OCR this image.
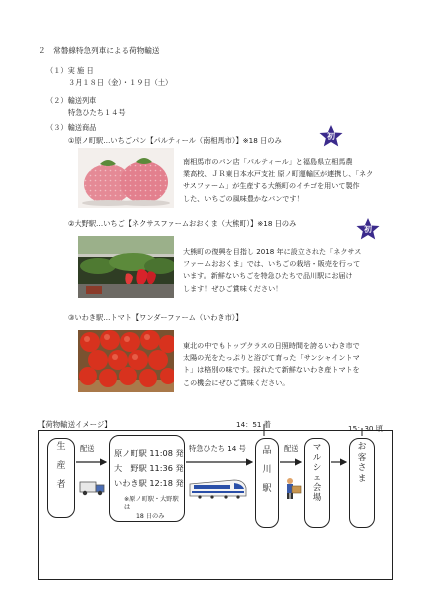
２　常磐線特急列車による荷物輸送
（１）実 施 日
３月１８日（金）・１９日（土）
（２）輸送列車
特急ひたち１４号
（３）輸送商品
①原ノ町駅…いちごパン【パルティール（南相馬市）】※18 日のみ	初
南相馬市のパン店「パルティール」と福島県立相馬農
業高校、ＪＲ東日本水戸支社 原ノ町運輸区が連携し、「ネク
サスファーム」が生産する大熊町のイチゴを用いて製作
した、いちごの風味豊かなパンです！
②大野駅…いちご【ネクサスファームおおくま（大熊町）】※18 日のみ
初
大熊町の復興を目指し 2018 年に設立された「ネクサス
ファームおおくま」では、いちごの栽培・販売を行って
います。新鮮ないちごを特急ひたちで品川駅にお届け
します！ぜひご賞味ください！
③いわき駅…トマト【ワンダーファーム（いわき市）】
東北の中でもトップクラスの日照時間を誇るいわき市で
太陽の光をたっぷりと浴びて育った「サンシャイントマ
ト」は格別の味です。採れたて新鮮ないわき産トマトを
この機会にぜひご賞味ください。
【荷物輸送イメージ】
生
産
者
配送 原ノ町駅 11:08 発
大　野駅 11:36 発
いわき駅 12:18 発
※原ノ町駅・大野駅は
18 日のみ
特急ひたち 14 号
14：51 着
品
川
駅
配送	マ
ル
シ
ェ
会
場
15：30 頃
お
客
さ
ま
